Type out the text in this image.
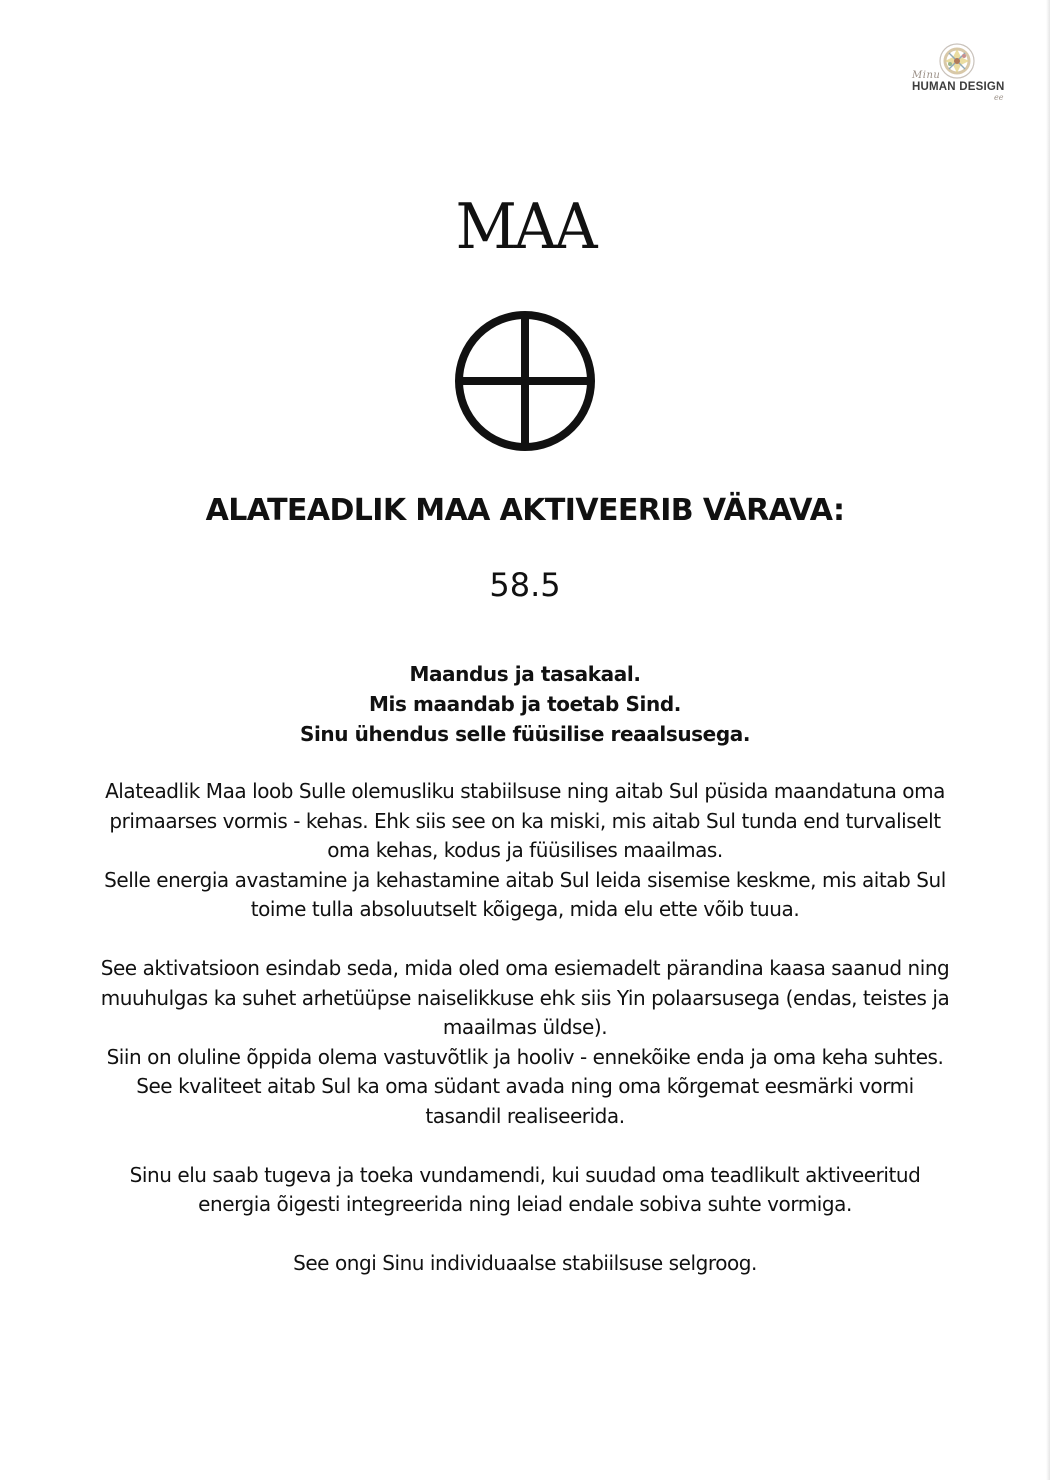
Minu
HUMAN DESIGN
ee
MAA
ALATEADLIK MAA AKTIVEERIB VÄRAVA:
58.5
Maandus ja tasakaal.
Mis maandab ja toetab Sind.
Sinu ühendus selle füüsilise reaalsusega.

Alateadlik Maa loob Sulle olemusliku stabiilsuse ning aitab Sul püsida maandatuna oma primaarses vormis - kehas. Ehk siis see on ka miski, mis aitab Sul tunda end turvaliselt oma kehas, kodus ja füüsilises maailmas.

Selle energia avastamine ja kehastamine aitab Sul leida sisemise keskme, mis aitab Sul toime tulla absoluutselt kõigega, mida elu ette võib tuua.

See aktivatsioon esindab seda, mida oled oma esiemadelt pärandina kaasa saanud ning muuhulgas ka suhet arhetüüpse naiselikkuse ehk siis Yin polaarsusega (endas, teistes ja maailmas üldse).

Siin on oluline õppida olema vastuvõtlik ja hooliv - ennekõike enda ja oma keha suhtes. See kvaliteet aitab Sul ka oma südant avada ning oma kõrgemat eesmärki vormi tasandil realiseerida.

Sinu elu saab tugeva ja toeka vundamendi, kui suudad oma teadlikult aktiveeritud energia õigesti integreerida ning leiad endale sobiva suhte vormiga.

See ongi Sinu individuaalse stabiilsuse selgroog.
